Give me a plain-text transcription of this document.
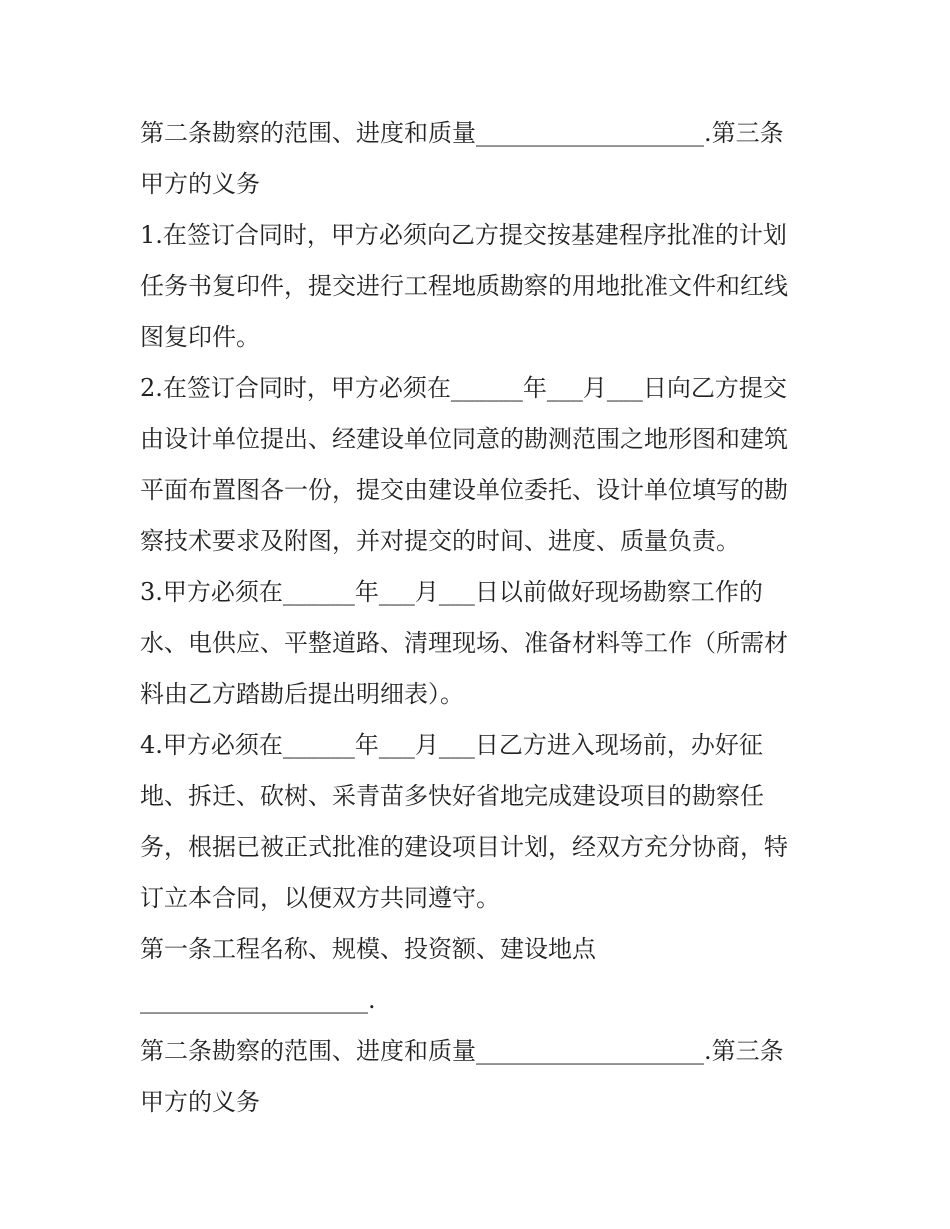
第二条勘察的范围、进度和质量___________________.第三条
甲方的义务
1.在签订合同时，甲方必须向乙方提交按基建程序批准的计划
任务书复印件，提交进行工程地质勘察的用地批准文件和红线
图复印件。
2.在签订合同时，甲方必须在______年___月___日向乙方提交
由设计单位提出、经建设单位同意的勘测范围之地形图和建筑
平面布置图各一份，提交由建设单位委托、设计单位填写的勘
察技术要求及附图，并对提交的时间、进度、质量负责。
3.甲方必须在______年___月___日以前做好现场勘察工作的
水、电供应、平整道路、清理现场、准备材料等工作（所需材
料由乙方踏勘后提出明细表）。
4.甲方必须在______年___月___日乙方进入现场前，办好征
地、拆迁、砍树、采青苗多快好省地完成建设项目的勘察任
务，根据已被正式批准的建设项目计划，经双方充分协商，特
订立本合同，以便双方共同遵守。
第一条工程名称、规模、投资额、建设地点
___________________.
第二条勘察的范围、进度和质量___________________.第三条
甲方的义务
